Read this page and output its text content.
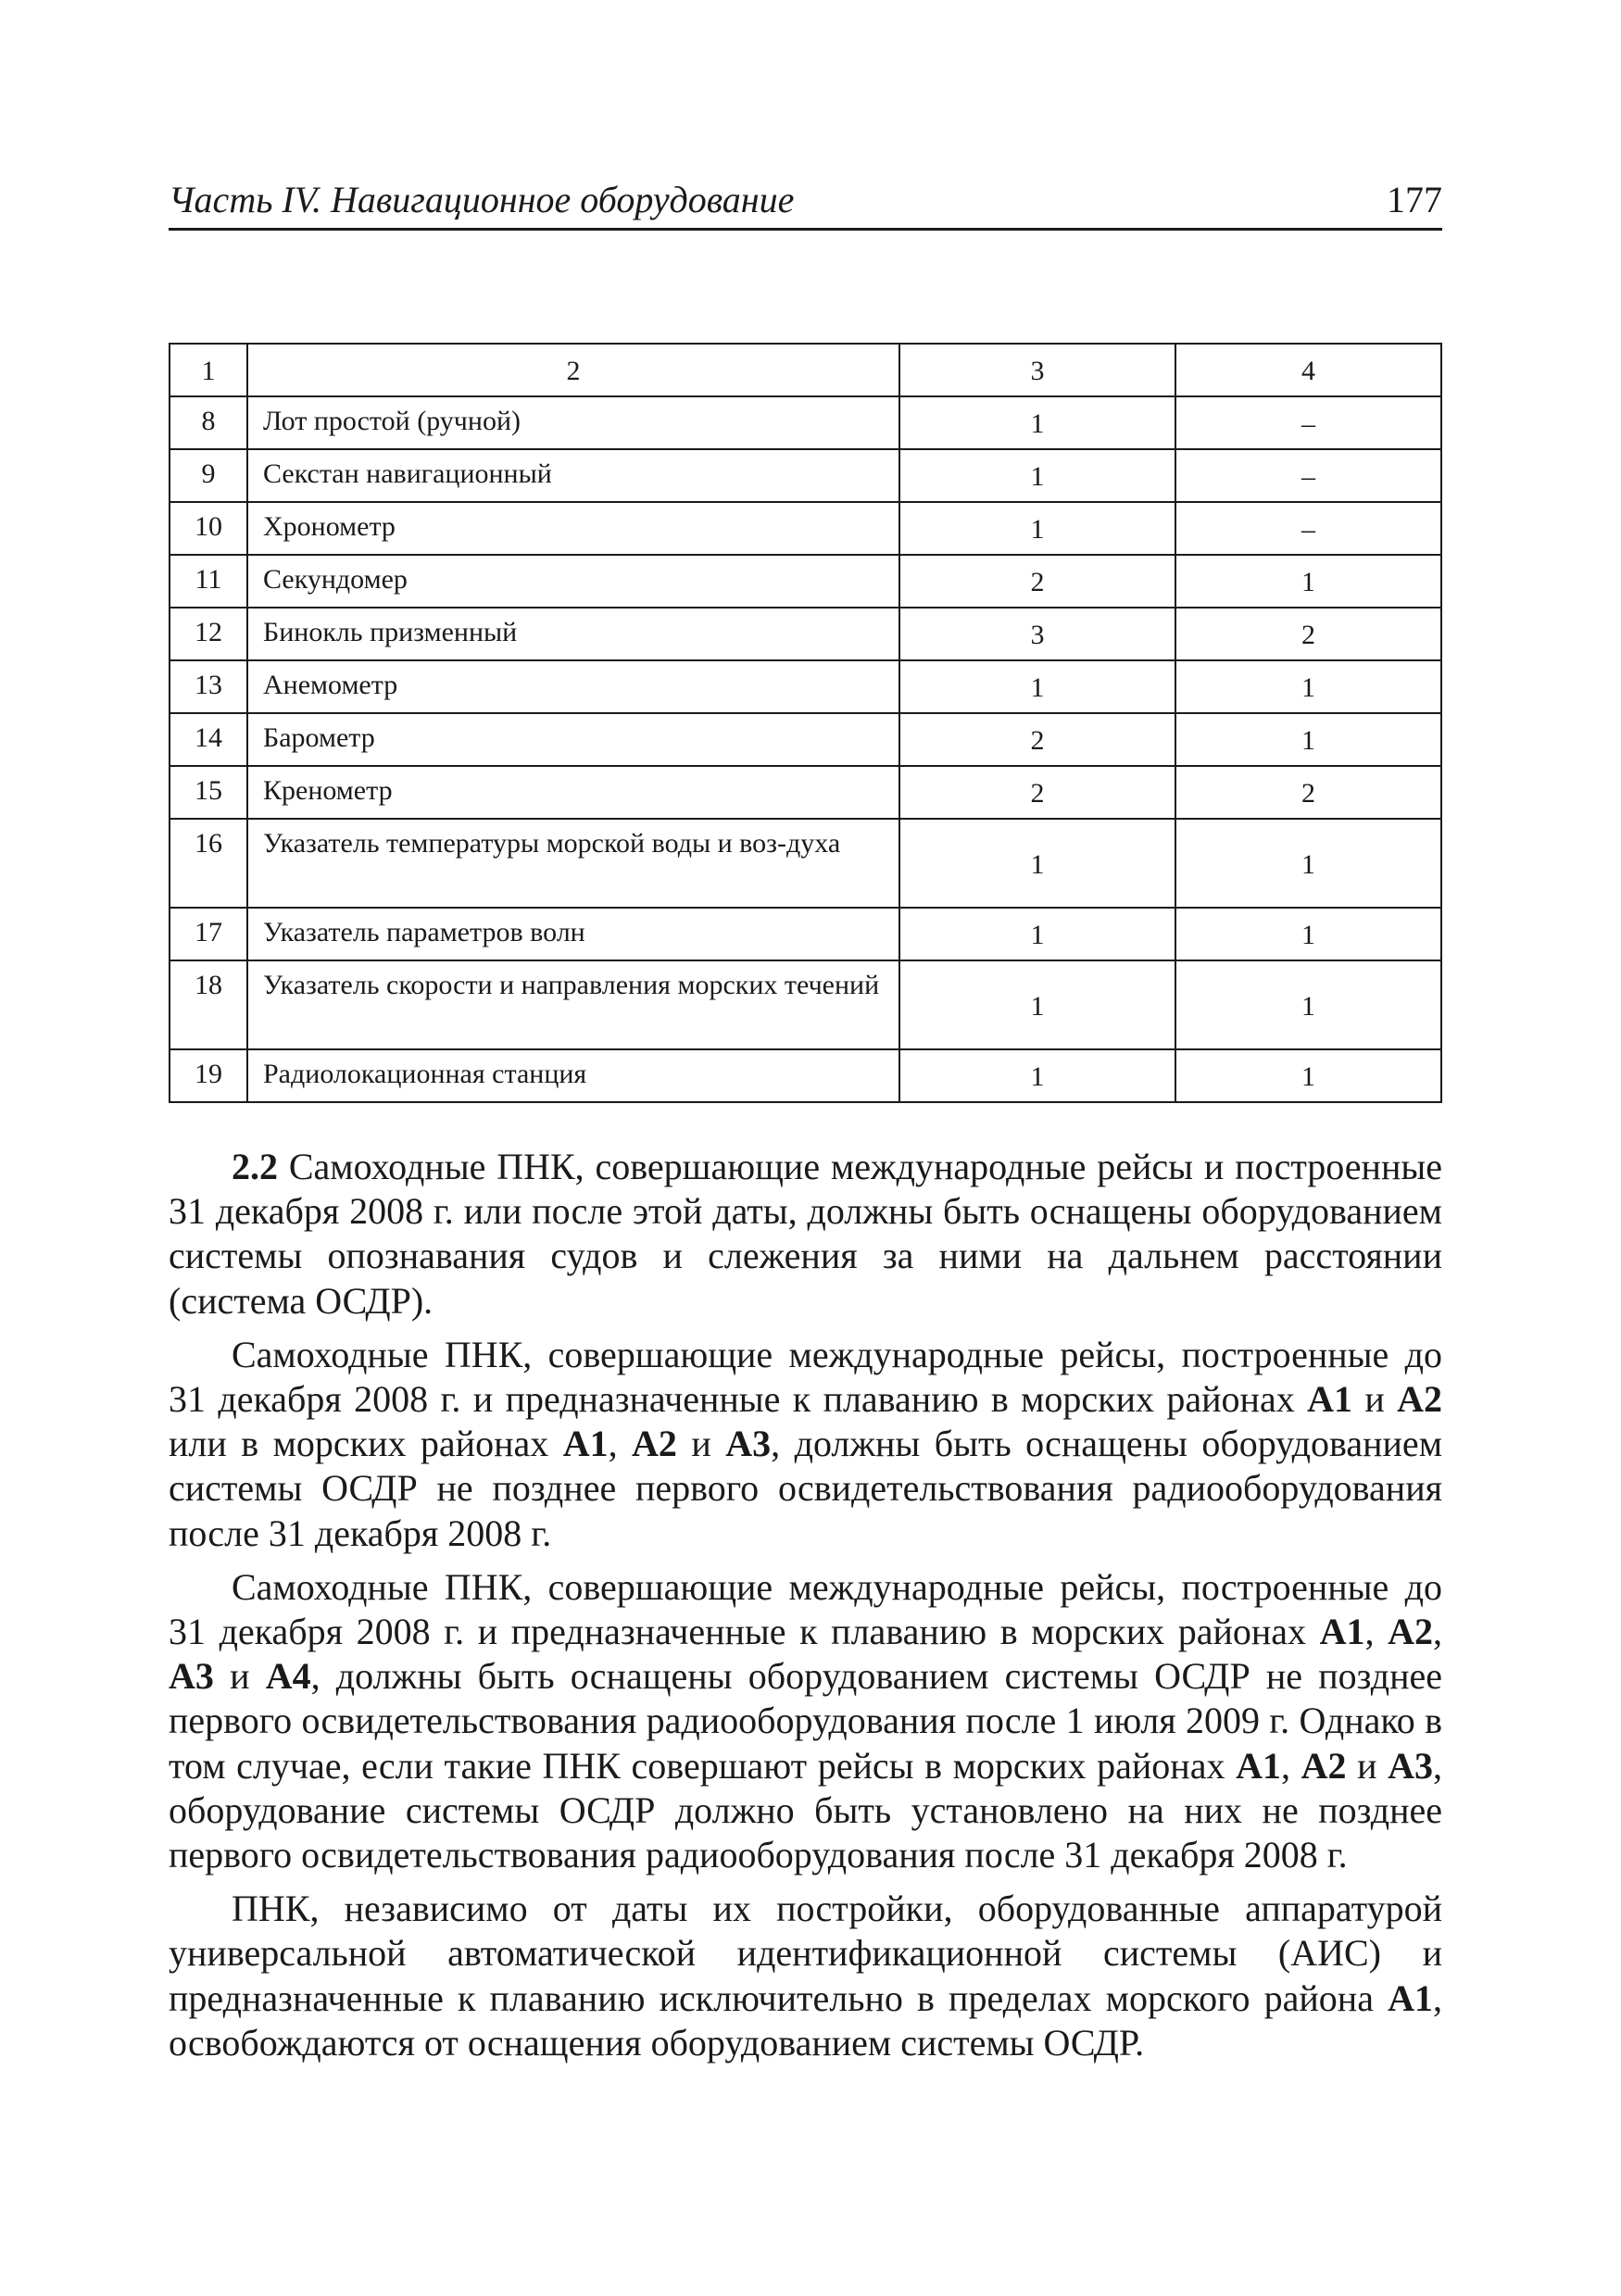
Часть IV. Навигационное оборудование	177
1	2	3	4
8	Лот простой (ручной)	1	–
9	Секстан навигационный	1	–
10	Хронометр	1	–
11	Секундомер	2	1
12	Бинокль призменный	3	2
13	Анемометр	1	1
14	Барометр	2	1
15	Кренометр	2	2
16	Указатель температуры морской воды и воз-духа	1	1
17	Указатель параметров волн	1	1
18	Указатель скорости и направления морских течений	1	1
19	Радиолокационная станция	1	1

2.2 Самоходные ПНК, совершающие международные рейсы и построенные 31 декабря 2008 г. или после этой даты, должны быть оснащены оборудованием системы опознавания судов и слежения за ними на дальнем расстоянии (система ОСДР).

Самоходные ПНК, совершающие международные рейсы, построенные до 31 декабря 2008 г. и предназначенные к плаванию в морских районах А1 и А2 или в морских районах А1, А2 и А3, должны быть оснащены оборудованием системы ОСДР не позднее первого освидетельствования радиооборудования после 31 декабря 2008 г.

Самоходные ПНК, совершающие международные рейсы, построенные до 31 декабря 2008 г. и предназначенные к плаванию в морских районах А1, А2, А3 и А4, должны быть оснащены оборудованием системы ОСДР не позднее первого освидетельствования радиооборудования после 1 июля 2009 г. Однако в том случае, если такие ПНК совершают рейсы в морских районах А1, А2 и А3, оборудование системы ОСДР должно быть установлено на них не позднее первого освидетельствования радиооборудования после 31 декабря 2008 г.

ПНК, независимо от даты их постройки, оборудованные аппаратурой универсальной автоматической идентификационной системы (АИС) и предназначенные к плаванию исключительно в пределах морского района А1, освобождаются от оснащения оборудованием системы ОСДР.
